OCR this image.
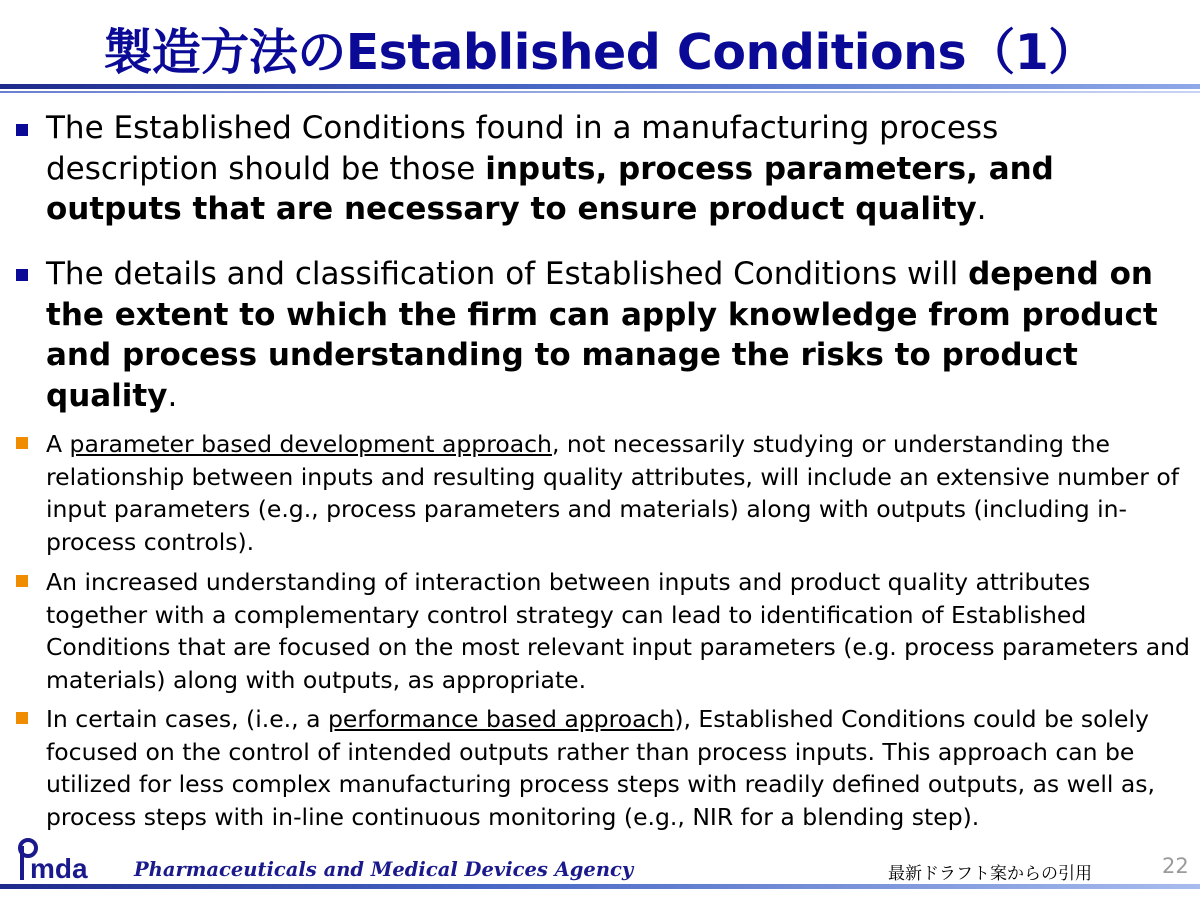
製造方法のEstablished Conditions（1）
The Established Conditions found in a manufacturing process description should be those inputs, process parameters, and outputs that are necessary to ensure product quality.
The details and classification of Established Conditions will depend on the extent to which the firm can apply knowledge from product and process understanding to manage the risks to product quality.
A parameter based development approach, not necessarily studying or understanding the relationship between inputs and resulting quality attributes, will include an extensive number of input parameters (e.g., process parameters and materials) along with outputs (including in-process controls).
An increased understanding of interaction between inputs and product quality attributes together with a complementary control strategy can lead to identification of Established Conditions that are focused on the most relevant input parameters (e.g. process parameters and materials) along with outputs, as appropriate.
In certain cases, (i.e., a performance based approach), Established Conditions could be solely focused on the control of intended outputs rather than process inputs. This approach can be utilized for less complex manufacturing process steps with readily defined outputs, as well as, process steps with in-line continuous monitoring (e.g., NIR for a blending step).
mda Pharmaceuticals and Medical Devices Agency	最新ドラフト案からの引用	22
